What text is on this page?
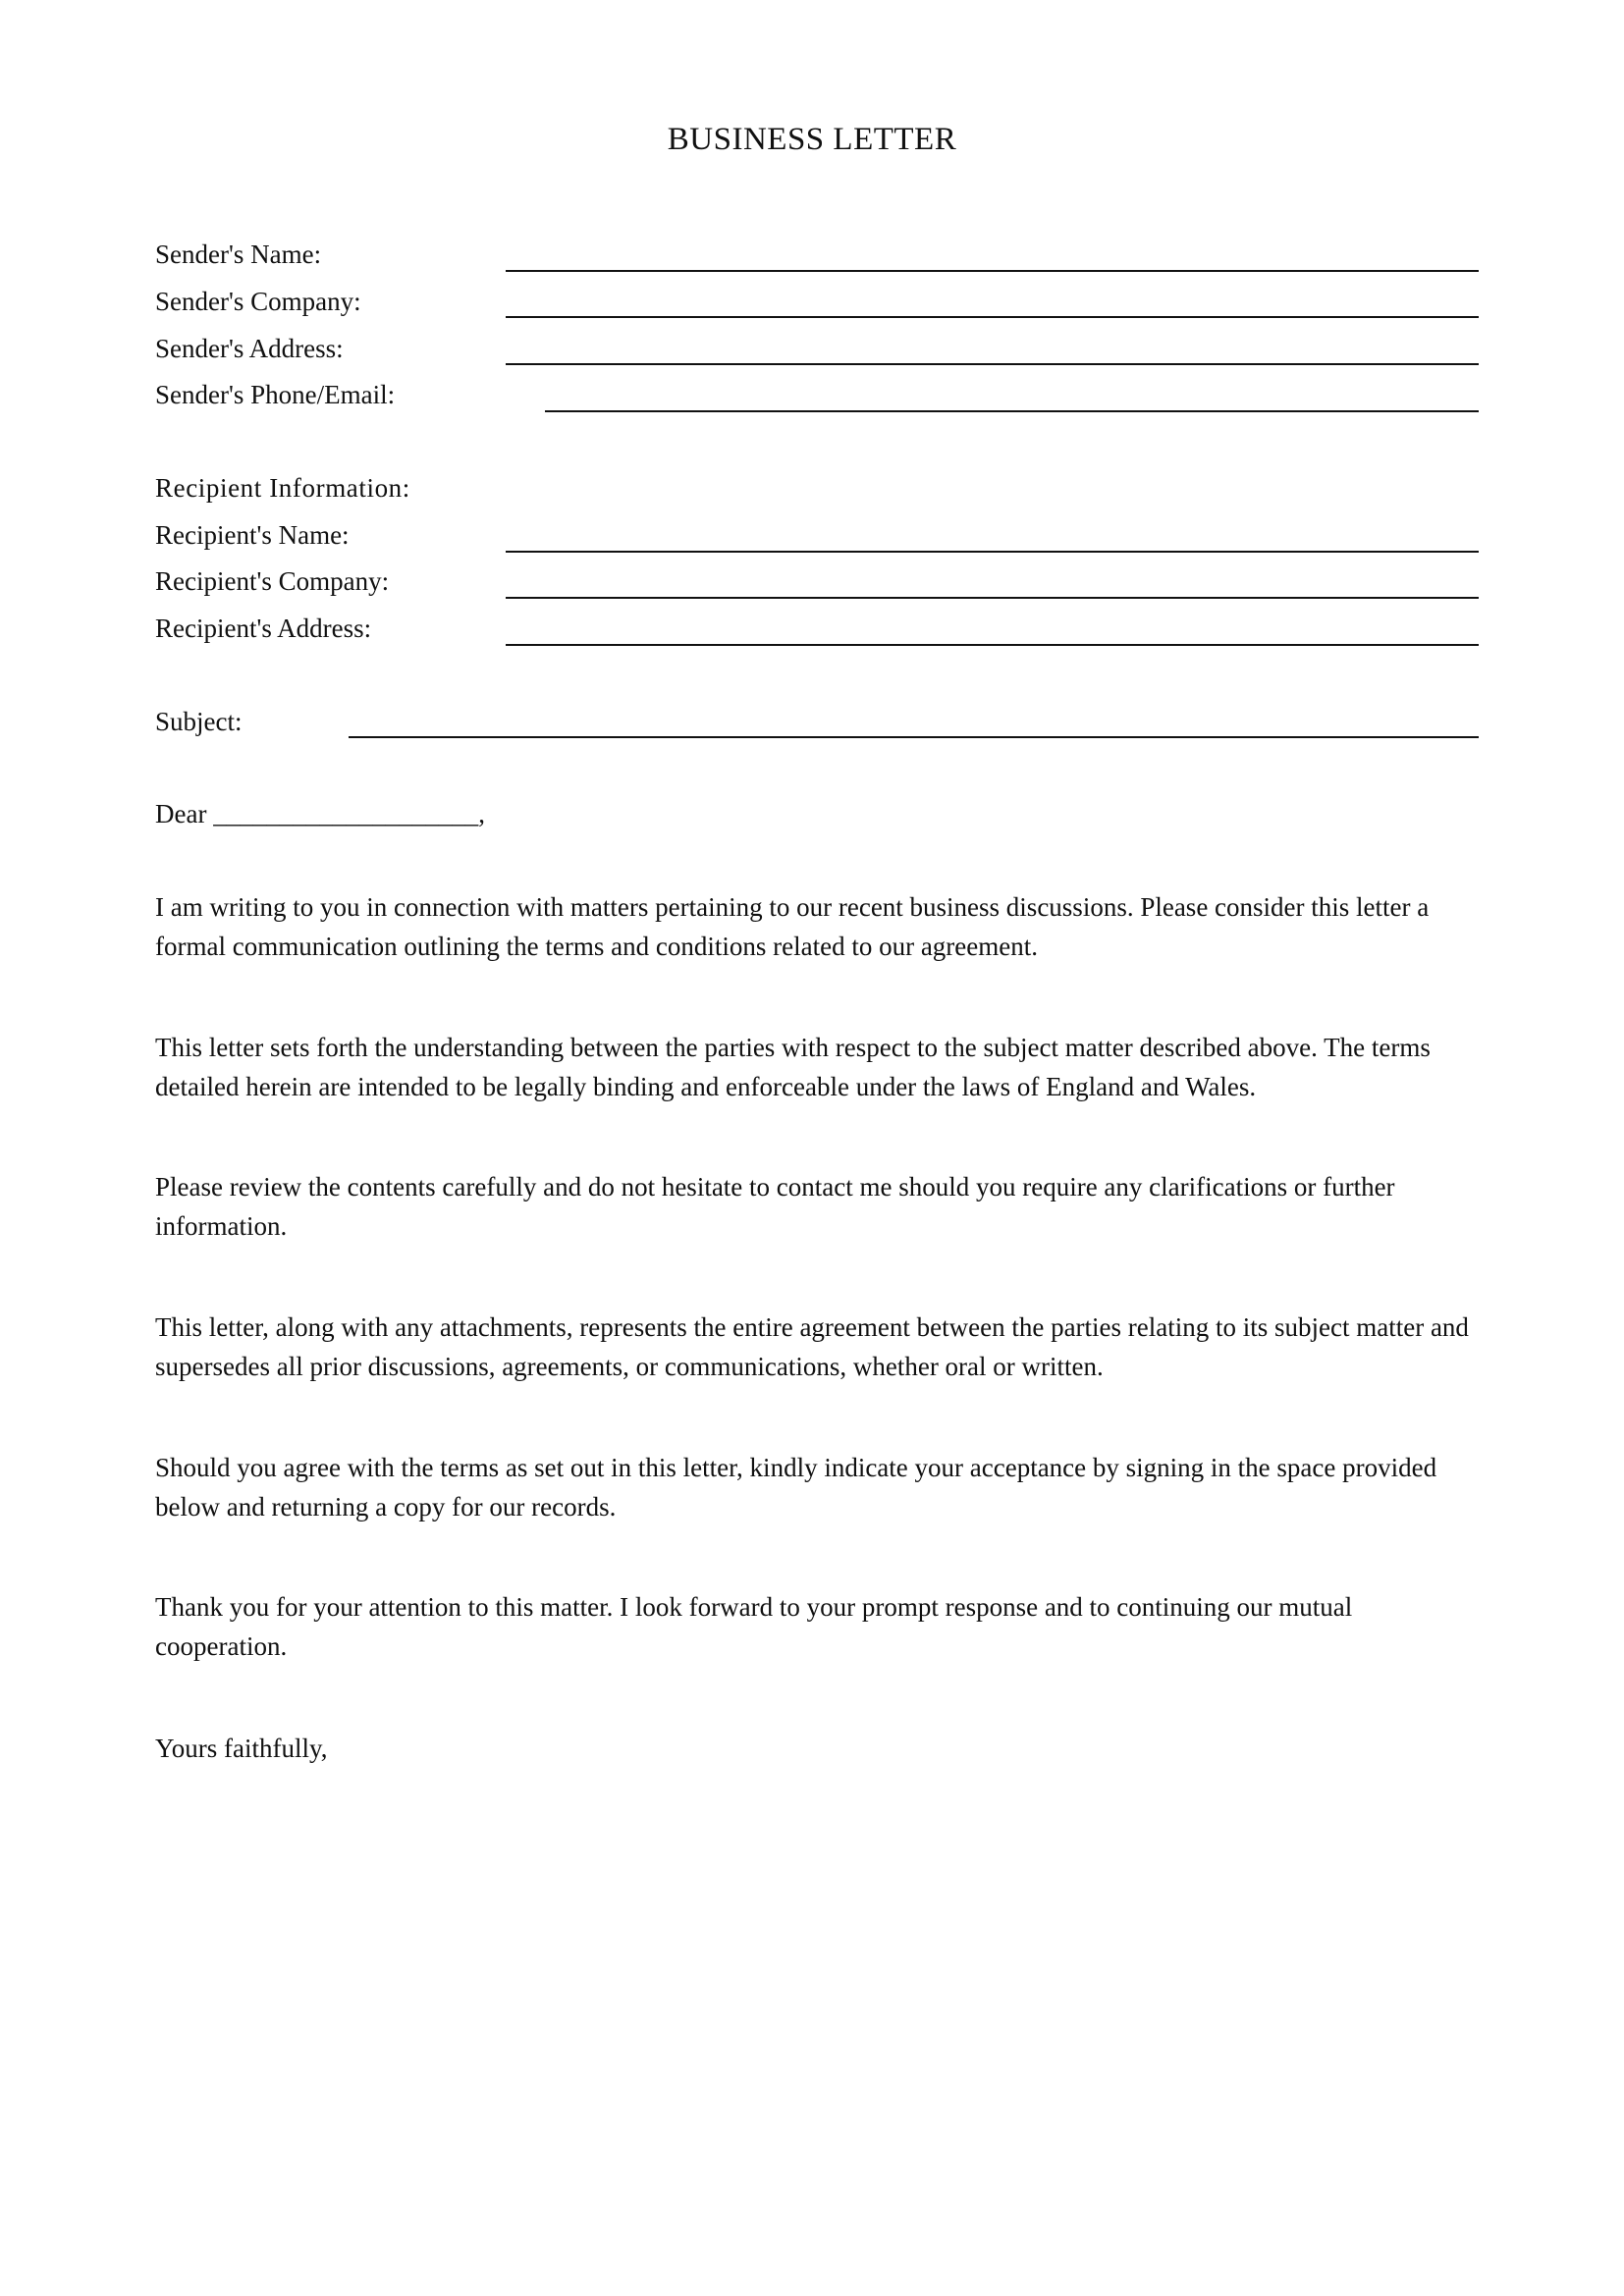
BUSINESS LETTER
Sender's Name:
Sender's Company:
Sender's Address:
Sender's Phone/Email:
Recipient Information:
Recipient's Name:
Recipient's Company:
Recipient's Address:
Subject:
Dear ____________________,
I am writing to you in connection with matters pertaining to our recent business discussions. Please consider this letter a formal communication outlining the terms and conditions related to our agreement.
This letter sets forth the understanding between the parties with respect to the subject matter described above. The terms detailed herein are intended to be legally binding and enforceable under the laws of England and Wales.
Please review the contents carefully and do not hesitate to contact me should you require any clarifications or further information.
This letter, along with any attachments, represents the entire agreement between the parties relating to its subject matter and supersedes all prior discussions, agreements, or communications, whether oral or written.
Should you agree with the terms as set out in this letter, kindly indicate your acceptance by signing in the space provided below and returning a copy for our records.
Thank you for your attention to this matter. I look forward to your prompt response and to continuing our mutual cooperation.
Yours faithfully,
